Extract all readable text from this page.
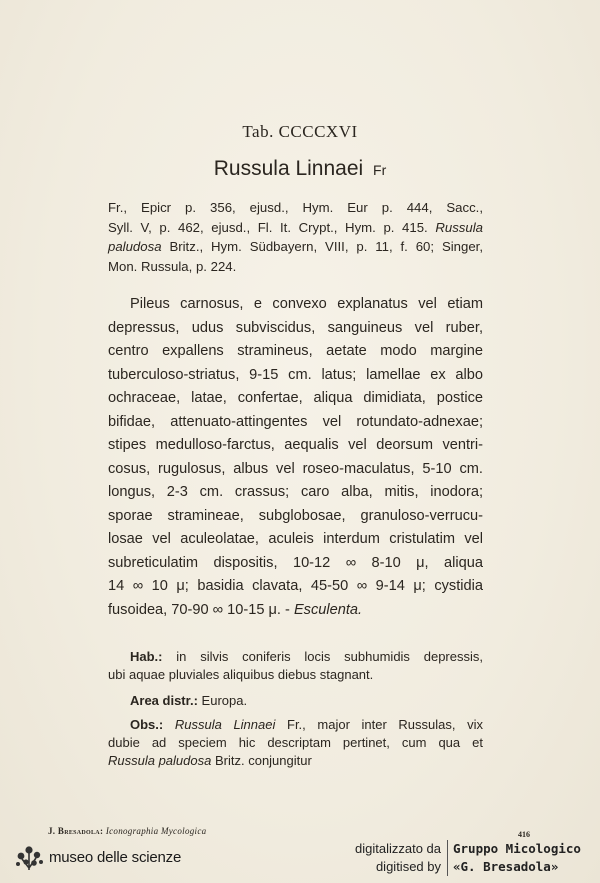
Tab. CCCCXVI
Russula Linnaei Fr
Fr., Epicr p. 356, ejusd., Hym. Eur p. 444, Sacc.,
Syll. V, p. 462, ejusd., Fl. It. Crypt., Hym. p. 415. Russula
paludosa Britz., Hym. Südbayern, VIII, p. 11, f. 60; Singer,
Mon. Russula, p. 224.
Pileus carnosus, e convexo explanatus vel etiam
depressus, udus subviscidus, sanguineus vel ruber,
centro expallens stramineus, aetate modo margine
tuberculoso-striatus, 9-15 cm. latus; lamellae ex albo
ochraceae, latae, confertae, aliqua dimidiata, postice
bifidae, attenuato-attingentes vel rotundato-adnexae;
stipes medulloso-farctus, aequalis vel deorsum ventri-
cosus, rugulosus, albus vel roseo-maculatus, 5-10 cm.
longus, 2-3 cm. crassus; caro alba, mitis, inodora;
sporae stramineae, subglobosae, granuloso-verrucu-
losae vel aculeolatae, aculeis interdum cristulatim vel
subreticulatim dispositis, 10-12 ∞ 8-10 μ, aliqua
14 ∞ 10 μ; basidia clavata, 45-50 ∞ 9-14 μ; cystidia
fusoidea, 70-90 ∞ 10-15 μ. - Esculenta.
Hab.: in silvis coniferis locis subhumidis depressis,
ubi aquae pluviales aliquibus diebus stagnant.
Area distr.: Europa.
Obs.: Russula Linnaei Fr., major inter Russulas, vix
dubie ad speciem hic descriptam pertinet, cum qua et
Russula paludosa Britz. conjungitur
J. Bresadola: Iconographia Mycologica	416
museo delle scienze	digitalizzato da
digitised by
Gruppo Micologico
«G. Bresadola»
